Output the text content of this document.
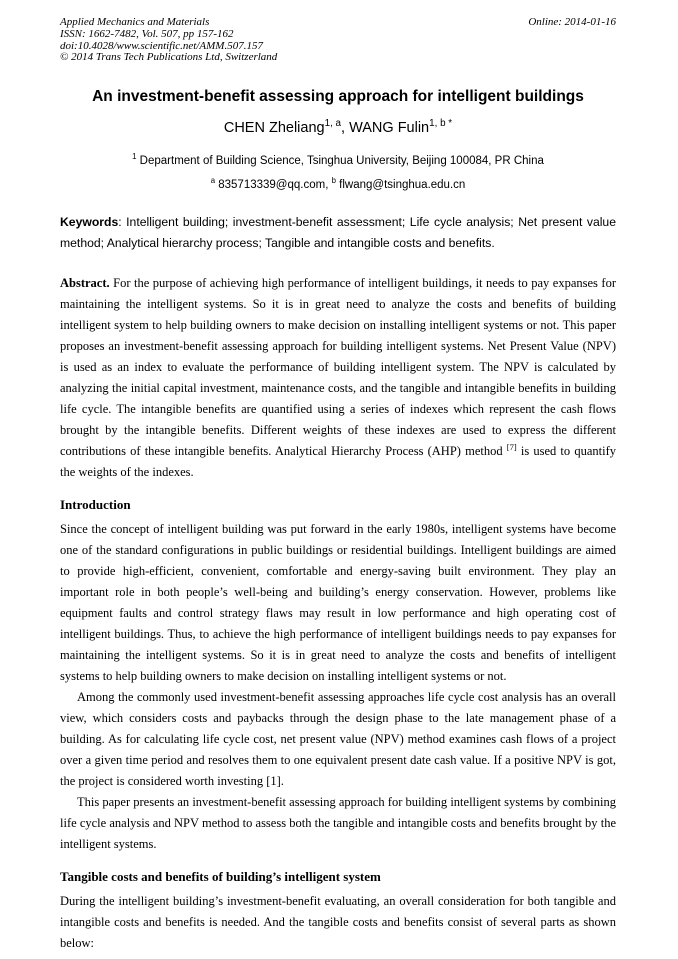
Applied Mechanics and Materials
ISSN: 1662-7482, Vol. 507, pp 157-162
doi:10.4028/www.scientific.net/AMM.507.157
© 2014 Trans Tech Publications Ltd, Switzerland
Online: 2014-01-16
An investment-benefit assessing approach for intelligent buildings

CHEN Zheliang$^{1, a}$, WANG Fulin$^{1, b *}$

$^1$ Department of Building Science, Tsinghua University, Beijing 100084, PR China

$^a$ 835713339@qq.com, $^b$ flwang@tsinghua.edu.cn

Keywords: Intelligent building; investment-benefit assessment; Life cycle analysis; Net present value method; Analytical hierarchy process; Tangible and intangible costs and benefits.

Abstract. For the purpose of achieving high performance of intelligent buildings, it needs to pay expanses for maintaining the intelligent systems. So it is in great need to analyze the costs and benefits of building intelligent system to help building owners to make decision on installing intelligent systems or not. This paper proposes an investment-benefit assessing approach for building intelligent systems. Net Present Value (NPV) is used as an index to evaluate the performance of building intelligent system. The NPV is calculated by analyzing the initial capital investment, maintenance costs, and the tangible and intangible benefits in building life cycle. The intangible benefits are quantified using a series of indexes which represent the cash flows brought by the intangible benefits. Different weights of these indexes are used to express the different contributions of these intangible benefits. Analytical Hierarchy Process (AHP) method [7] is used to quantify the weights of the indexes.

Introduction

Since the concept of intelligent building was put forward in the early 1980s, intelligent systems have become one of the standard configurations in public buildings or residential buildings. Intelligent buildings are aimed to provide high-efficient, convenient, comfortable and energy-saving built environment. They play an important role in both people’s well-being and building’s energy conservation. However, problems like equipment faults and control strategy flaws may result in low performance and high operating cost of intelligent buildings. Thus, to achieve the high performance of intelligent buildings needs to pay expanses for maintaining the intelligent systems. So it is in great need to analyze the costs and benefits of intelligent systems to help building owners to make decision on installing intelligent systems or not.

Among the commonly used investment-benefit assessing approaches life cycle cost analysis has an overall view, which considers costs and paybacks through the design phase to the late management phase of a building. As for calculating life cycle cost, net present value (NPV) method examines cash flows of a project over a given time period and resolves them to one equivalent present date cash value. If a positive NPV is got, the project is considered worth investing [1].

This paper presents an investment-benefit assessing approach for building intelligent systems by combining life cycle analysis and NPV method to assess both the tangible and intangible costs and benefits brought by the intelligent systems.

Tangible costs and benefits of building’s intelligent system

During the intelligent building’s investment-benefit evaluating, an overall consideration for both tangible and intangible costs and benefits is needed. And the tangible costs and benefits consist of several parts as shown below:
